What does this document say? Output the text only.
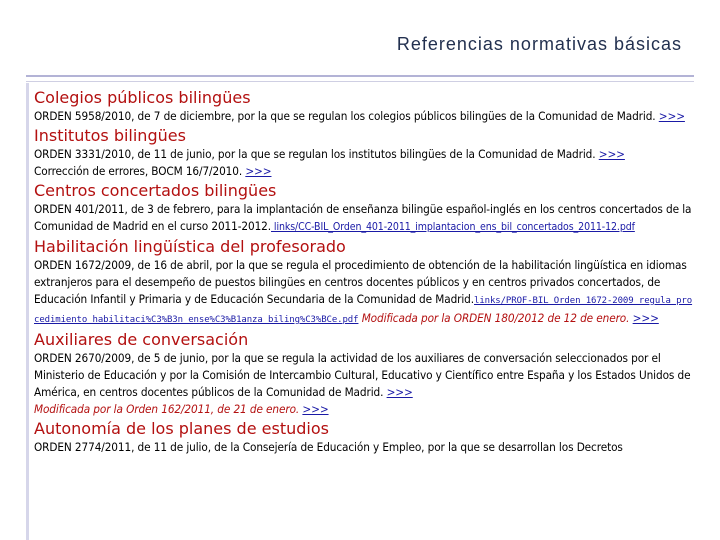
Referencias normativas básicas
Colegios públicos bilingües

ORDEN 5958/2010, de 7 de diciembre, por la que se regulan los colegios públicos bilingües de la Comunidad de Madrid. >>>

Institutos bilingües

ORDEN 3331/2010, de 11 de junio, por la que se regulan los institutos bilingües de la Comunidad de Madrid. >>>
Corrección de errores, BOCM 16/7/2010. >>>

Centros concertados bilingües

ORDEN 401/2011, de 3 de febrero, para la implantación de enseñanza bilingüe español-inglés en los centros concertados de la Comunidad de Madrid en el curso 2011-2012. links/CC-BIL_Orden_401-2011_implantacion_ens_bil_concertados_2011-12.pdf

Habilitación lingüística del profesorado

ORDEN 1672/2009, de 16 de abril, por la que se regula el procedimiento de obtención de la habilitación lingüística en idiomas extranjeros para el desempeño de puestos bilingües en centros docentes públicos y en centros privados concertados, de Educación Infantil y Primaria y de Educación Secundaria de la Comunidad de Madrid.links/PROF-BIL_Orden_1672-2009_regula_procedimiento_habilitaci%C3%B3n_ense%C3%B1anza_biling%C3%BCe.pdf Modificada por la ORDEN 180/2012 de 12 de enero. >>>

Auxiliares de conversación

ORDEN 2670/2009, de 5 de junio, por la que se regula la actividad de los auxiliares de conversación seleccionados por el Ministerio de Educación y por la Comisión de Intercambio Cultural, Educativo y Científico entre España y los Estados Unidos de América, en centros docentes públicos de la Comunidad de Madrid. >>>
Modificada por la Orden 162/2011, de 21 de enero. >>>

Autonomía de los planes de estudios

ORDEN 2774/2011, de 11 de julio, de la Consejería de Educación y Empleo, por la que se desarrollan los Decretos
